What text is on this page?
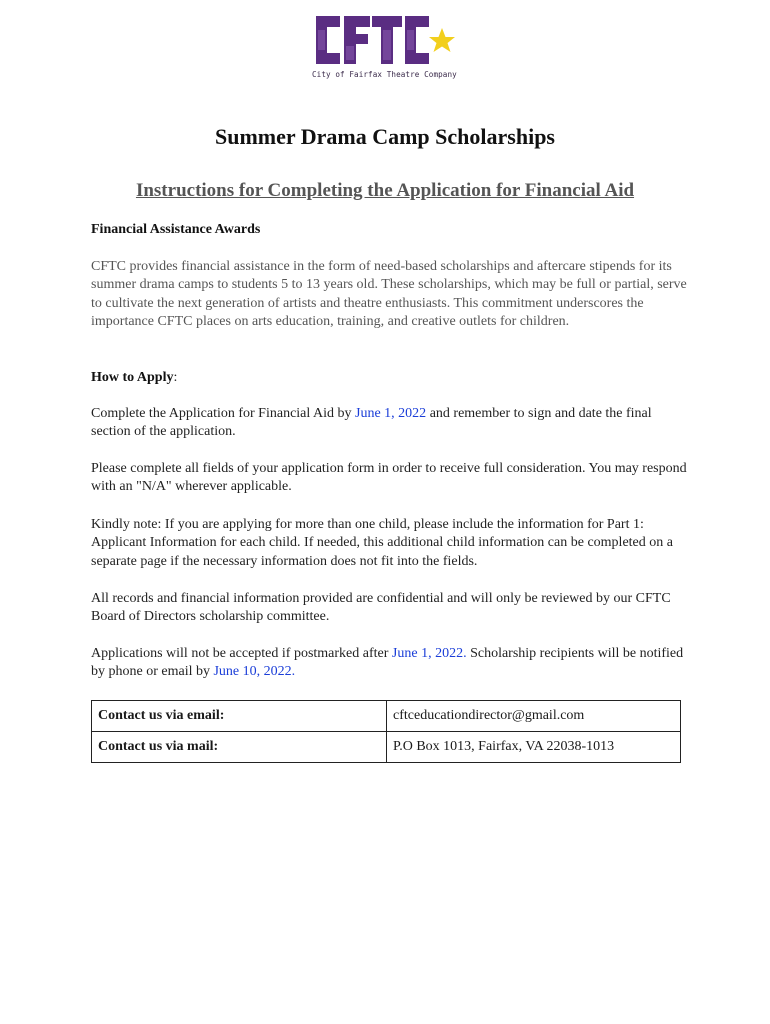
City of Fairfax Theatre Company
Summer Drama Camp Scholarships
Instructions for Completing the Application for Financial Aid
Financial Assistance Awards
CFTC provides financial assistance in the form of need-based scholarships and aftercare stipends for its summer drama camps to students 5 to 13 years old. These scholarships, which may be full or partial, serve to cultivate the next generation of artists and theatre enthusiasts. This commitment underscores the importance CFTC places on arts education, training, and creative outlets for children.
How to Apply:
Complete the Application for Financial Aid by June 1, 2022 and remember to sign and date the final section of the application.
Please complete all fields of your application form in order to receive full consideration. You may respond with an "N/A" wherever applicable.
Kindly note: If you are applying for more than one child, please include the information for Part 1: Applicant Information for each child. If needed, this additional child information can be completed on a separate page if the necessary information does not fit into the fields.
All records and financial information provided are confidential and will only be reviewed by our CFTC Board of Directors scholarship committee.
Applications will not be accepted if postmarked after June 1, 2022. Scholarship recipients will be notified by phone or email by June 10, 2022.
Contact us via email:	cftceducationdirector@gmail.com
Contact us via mail:	P.O Box 1013, Fairfax, VA 22038-1013
